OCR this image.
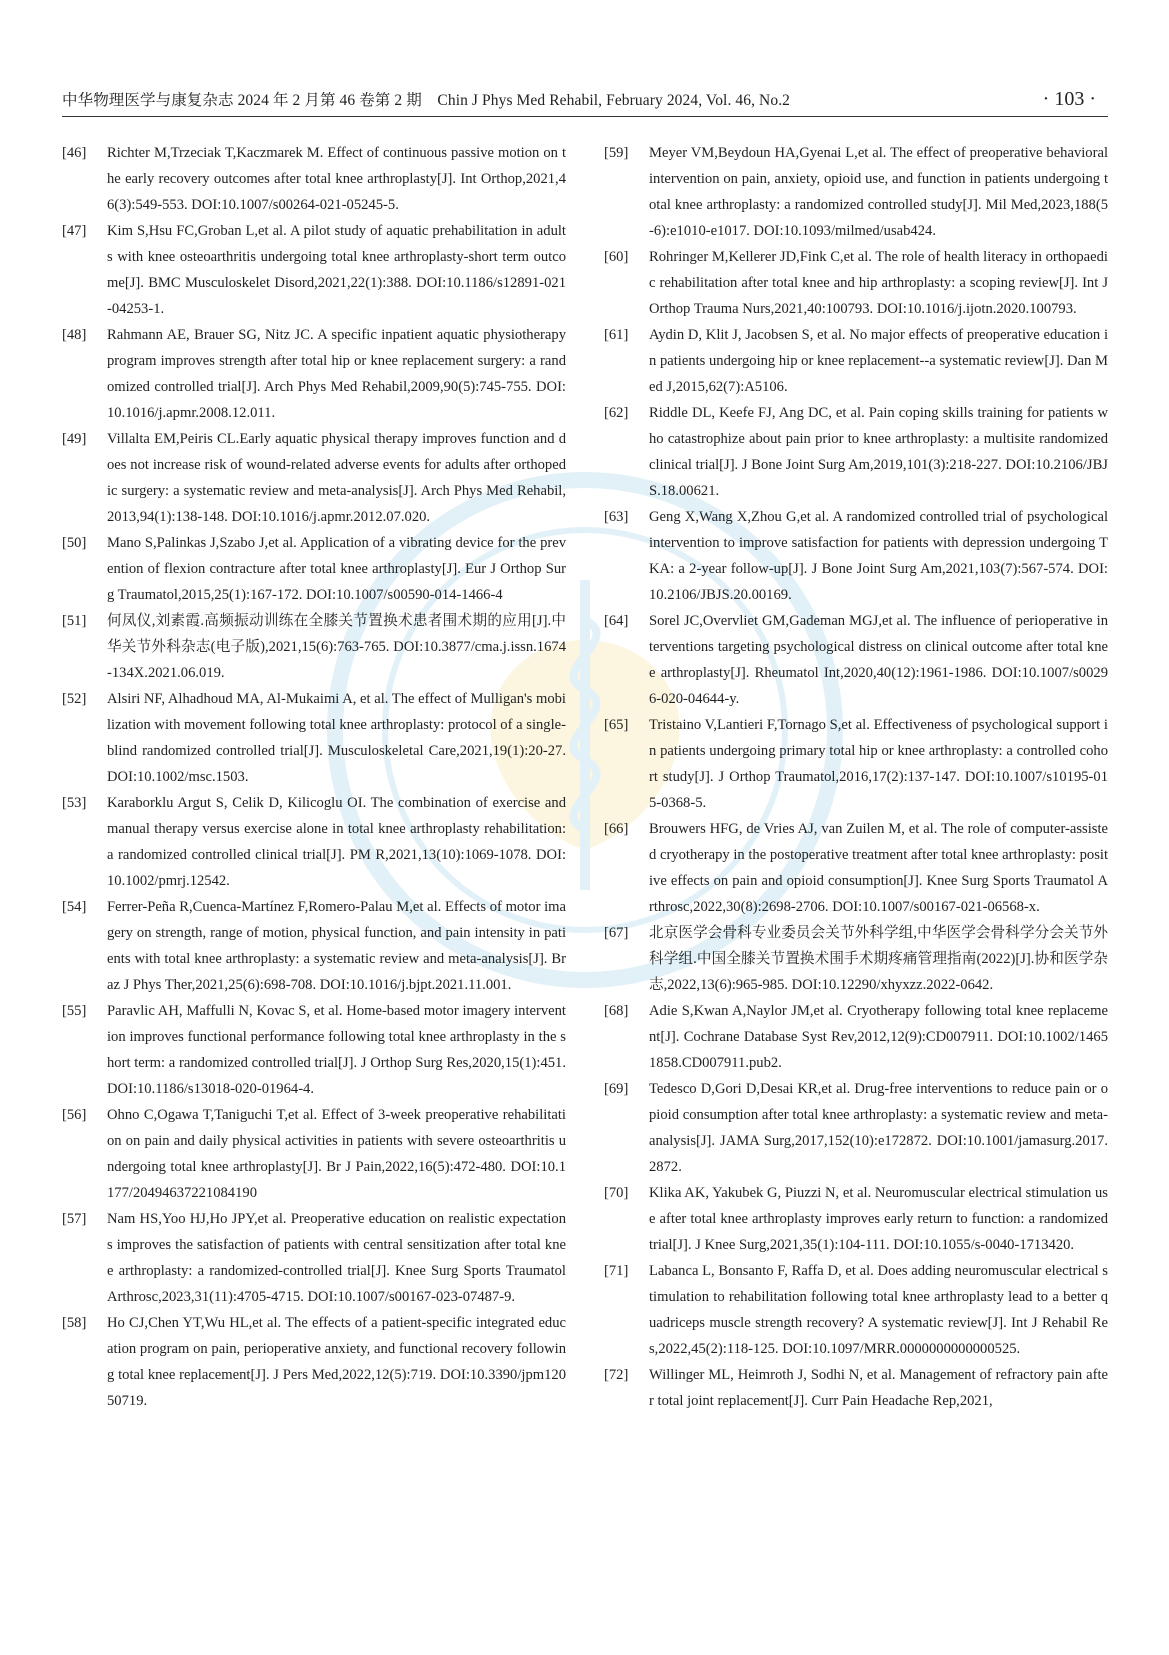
中华物理医学与康复杂志 2024 年 2 月第 46 卷第 2 期　Chin J Phys Med Rehabil, February 2024, Vol. 46, No.2	· 103 ·
[46]	Richter M,Trzeciak T,Kaczmarek M. Effect of continuous passive motion on the early recovery outcomes after total knee arthroplasty[J]. Int Orthop,2021,46(3):549-553. DOI:10.1007/s00264-021-05245-5.
[47]	Kim S,Hsu FC,Groban L,et al. A pilot study of aquatic prehabilitation in adults with knee osteoarthritis undergoing total knee arthroplasty-short term outcome[J]. BMC Musculoskelet Disord,2021,22(1):388. DOI:10.1186/s12891-021-04253-1.
[48]	Rahmann AE, Brauer SG, Nitz JC. A specific inpatient aquatic physiotherapy program improves strength after total hip or knee replacement surgery: a randomized controlled trial[J]. Arch Phys Med Rehabil,2009,90(5):745-755. DOI:10.1016/j.apmr.2008.12.011.
[49]	Villalta EM,Peiris CL.Early aquatic physical therapy improves function and does not increase risk of wound-related adverse events for adults after orthopedic surgery: a systematic review and meta-analysis[J]. Arch Phys Med Rehabil,2013,94(1):138-148. DOI:10.1016/j.apmr.2012.07.020.
[50]	Mano S,Palinkas J,Szabo J,et al. Application of a vibrating device for the prevention of flexion contracture after total knee arthroplasty[J]. Eur J Orthop Surg Traumatol,2015,25(1):167-172. DOI:10.1007/s00590-014-1466-4
[51]	何凤仪,刘素霞.高频振动训练在全膝关节置换术患者围术期的应用[J].中华关节外科杂志(电子版),2021,15(6):763-765. DOI:10.3877/cma.j.issn.1674-134X.2021.06.019.
[52]	Alsiri NF, Alhadhoud MA, Al-Mukaimi A, et al. The effect of Mulligan's mobilization with movement following total knee arthroplasty: protocol of a single-blind randomized controlled trial[J]. Musculoskeletal Care,2021,19(1):20-27. DOI:10.1002/msc.1503.
[53]	Karaborklu Argut S, Celik D, Kilicoglu OI. The combination of exercise and manual therapy versus exercise alone in total knee arthroplasty rehabilitation: a randomized controlled clinical trial[J]. PM R,2021,13(10):1069-1078. DOI:10.1002/pmrj.12542.
[54]	Ferrer-Peña R,Cuenca-Martínez F,Romero-Palau M,et al. Effects of motor imagery on strength, range of motion, physical function, and pain intensity in patients with total knee arthroplasty: a systematic review and meta-analysis[J]. Braz J Phys Ther,2021,25(6):698-708. DOI:10.1016/j.bjpt.2021.11.001.
[55]	Paravlic AH, Maffulli N, Kovac S, et al. Home-based motor imagery intervention improves functional performance following total knee arthroplasty in the short term: a randomized controlled trial[J]. J Orthop Surg Res,2020,15(1):451. DOI:10.1186/s13018-020-01964-4.
[56]	Ohno C,Ogawa T,Taniguchi T,et al. Effect of 3-week preoperative rehabilitation on pain and daily physical activities in patients with severe osteoarthritis undergoing total knee arthroplasty[J]. Br J Pain,2022,16(5):472-480. DOI:10.1177/20494637221084190
[57]	Nam HS,Yoo HJ,Ho JPY,et al. Preoperative education on realistic expectations improves the satisfaction of patients with central sensitization after total knee arthroplasty: a randomized-controlled trial[J]. Knee Surg Sports Traumatol Arthrosc,2023,31(11):4705-4715. DOI:10.1007/s00167-023-07487-9.
[58]	Ho CJ,Chen YT,Wu HL,et al. The effects of a patient-specific integrated education program on pain, perioperative anxiety, and functional recovery following total knee replacement[J]. J Pers Med,2022,12(5):719. DOI:10.3390/jpm12050719.
[59]	Meyer VM,Beydoun HA,Gyenai L,et al. The effect of preoperative behavioral intervention on pain, anxiety, opioid use, and function in patients undergoing total knee arthroplasty: a randomized controlled study[J]. Mil Med,2023,188(5-6):e1010-e1017. DOI:10.1093/milmed/usab424.
[60]	Rohringer M,Kellerer JD,Fink C,et al. The role of health literacy in orthopaedic rehabilitation after total knee and hip arthroplasty: a scoping review[J]. Int J Orthop Trauma Nurs,2021,40:100793. DOI:10.1016/j.ijotn.2020.100793.
[61]	Aydin D, Klit J, Jacobsen S, et al. No major effects of preoperative education in patients undergoing hip or knee replacement--a systematic review[J]. Dan Med J,2015,62(7):A5106.
[62]	Riddle DL, Keefe FJ, Ang DC, et al. Pain coping skills training for patients who catastrophize about pain prior to knee arthroplasty: a multisite randomized clinical trial[J]. J Bone Joint Surg Am,2019,101(3):218-227. DOI:10.2106/JBJS.18.00621.
[63]	Geng X,Wang X,Zhou G,et al. A randomized controlled trial of psychological intervention to improve satisfaction for patients with depression undergoing TKA: a 2-year follow-up[J]. J Bone Joint Surg Am,2021,103(7):567-574. DOI:10.2106/JBJS.20.00169.
[64]	Sorel JC,Overvliet GM,Gademan MGJ,et al. The influence of perioperative interventions targeting psychological distress on clinical outcome after total knee arthroplasty[J]. Rheumatol Int,2020,40(12):1961-1986. DOI:10.1007/s00296-020-04644-y.
[65]	Tristaino V,Lantieri F,Tornago S,et al. Effectiveness of psychological support in patients undergoing primary total hip or knee arthroplasty: a controlled cohort study[J]. J Orthop Traumatol,2016,17(2):137-147. DOI:10.1007/s10195-015-0368-5.
[66]	Brouwers HFG, de Vries AJ, van Zuilen M, et al. The role of computer-assisted cryotherapy in the postoperative treatment after total knee arthroplasty: positive effects on pain and opioid consumption[J]. Knee Surg Sports Traumatol Arthrosc,2022,30(8):2698-2706. DOI:10.1007/s00167-021-06568-x.
[67]	北京医学会骨科专业委员会关节外科学组,中华医学会骨科学分会关节外科学组.中国全膝关节置换术围手术期疼痛管理指南(2022)[J].协和医学杂志,2022,13(6):965-985. DOI:10.12290/xhyxzz.2022-0642.
[68]	Adie S,Kwan A,Naylor JM,et al. Cryotherapy following total knee replacement[J]. Cochrane Database Syst Rev,2012,12(9):CD007911. DOI:10.1002/14651858.CD007911.pub2.
[69]	Tedesco D,Gori D,Desai KR,et al. Drug-free interventions to reduce pain or opioid consumption after total knee arthroplasty: a systematic review and meta-analysis[J]. JAMA Surg,2017,152(10):e172872. DOI:10.1001/jamasurg.2017.2872.
[70]	Klika AK, Yakubek G, Piuzzi N, et al. Neuromuscular electrical stimulation use after total knee arthroplasty improves early return to function: a randomized trial[J]. J Knee Surg,2021,35(1):104-111. DOI:10.1055/s-0040-1713420.
[71]	Labanca L, Bonsanto F, Raffa D, et al. Does adding neuromuscular electrical stimulation to rehabilitation following total knee arthroplasty lead to a better quadriceps muscle strength recovery? A systematic review[J]. Int J Rehabil Res,2022,45(2):118-125. DOI:10.1097/MRR.0000000000000525.
[72]	Willinger ML, Heimroth J, Sodhi N, et al. Management of refractory pain after total joint replacement[J]. Curr Pain Headache Rep,2021,
